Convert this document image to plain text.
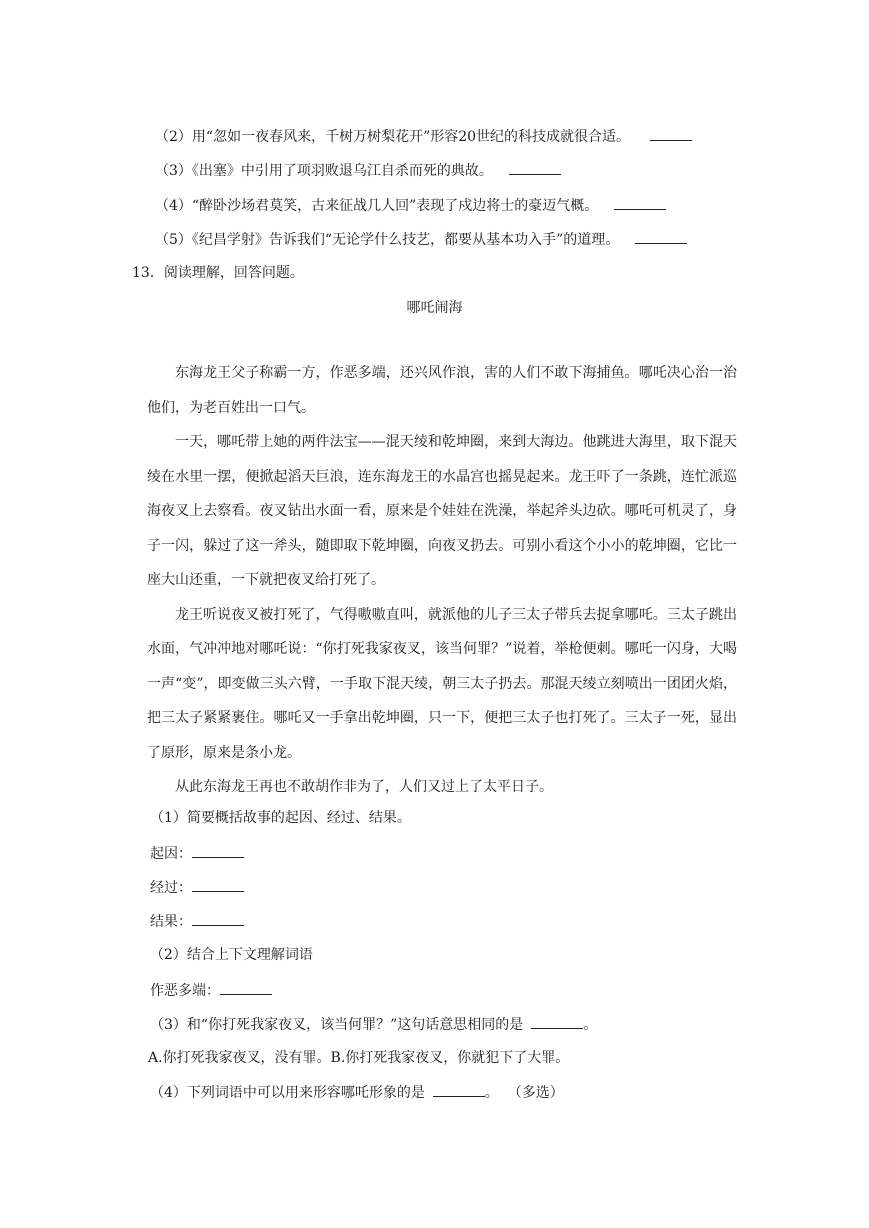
（2）用“忽如一夜春风来，千树万树梨花开”形容20世纪的科技成就很合适。
（3）《出塞》中引用了项羽败退乌江自杀而死的典故。
（4）“醉卧沙场君莫笑，古来征战几人回”表现了戍边将士的豪迈气概。
（5）《纪昌学射》告诉我们“无论学什么技艺，都要从基本功入手”的道理。
13．阅读理解，回答问题。
哪吒闹海

东海龙王父子称霸一方，作恶多端，还兴风作浪，害的人们不敢下海捕鱼。哪吒决心治一治他们，为老百姓出一口气。

一天，哪吒带上她的两件法宝——混天绫和乾坤圈，来到大海边。他跳进大海里，取下混天绫在水里一摆，便掀起滔天巨浪，连东海龙王的水晶宫也摇晃起来。龙王吓了一条跳，连忙派巡海夜叉上去察看。夜叉钻出水面一看，原来是个娃娃在洗澡，举起斧头边砍。哪吒可机灵了，身子一闪，躲过了这一斧头，随即取下乾坤圈，向夜叉扔去。可别小看这个小小的乾坤圈，它比一座大山还重，一下就把夜叉给打死了。

龙王听说夜叉被打死了，气得嗷嗷直叫，就派他的儿子三太子带兵去捉拿哪吒。三太子跳出水面，气冲冲地对哪吒说：“你打死我家夜叉，该当何罪？”说着，举枪便刺。哪吒一闪身，大喝一声“变”，即变做三头六臂，一手取下混天绫，朝三太子扔去。那混天绫立刻喷出一团团火焰，把三太子紧紧裹住。哪吒又一手拿出乾坤圈，只一下，便把三太子也打死了。三太子一死，显出了原形，原来是条小龙。

从此东海龙王再也不敢胡作非为了，人们又过上了太平日子。

（1）简要概括故事的起因、经过、结果。
起因：
经过：
结果：
（2）结合上下文理解词语
作恶多端：
（3）和“你打死我家夜叉，该当何罪？”这句话意思相同的是	。
A.你打死我家夜叉，没有罪。B.你打死我家夜叉，你就犯下了大罪。
（4）下列词语中可以用来形容哪吒形象的是	。  （多选）
